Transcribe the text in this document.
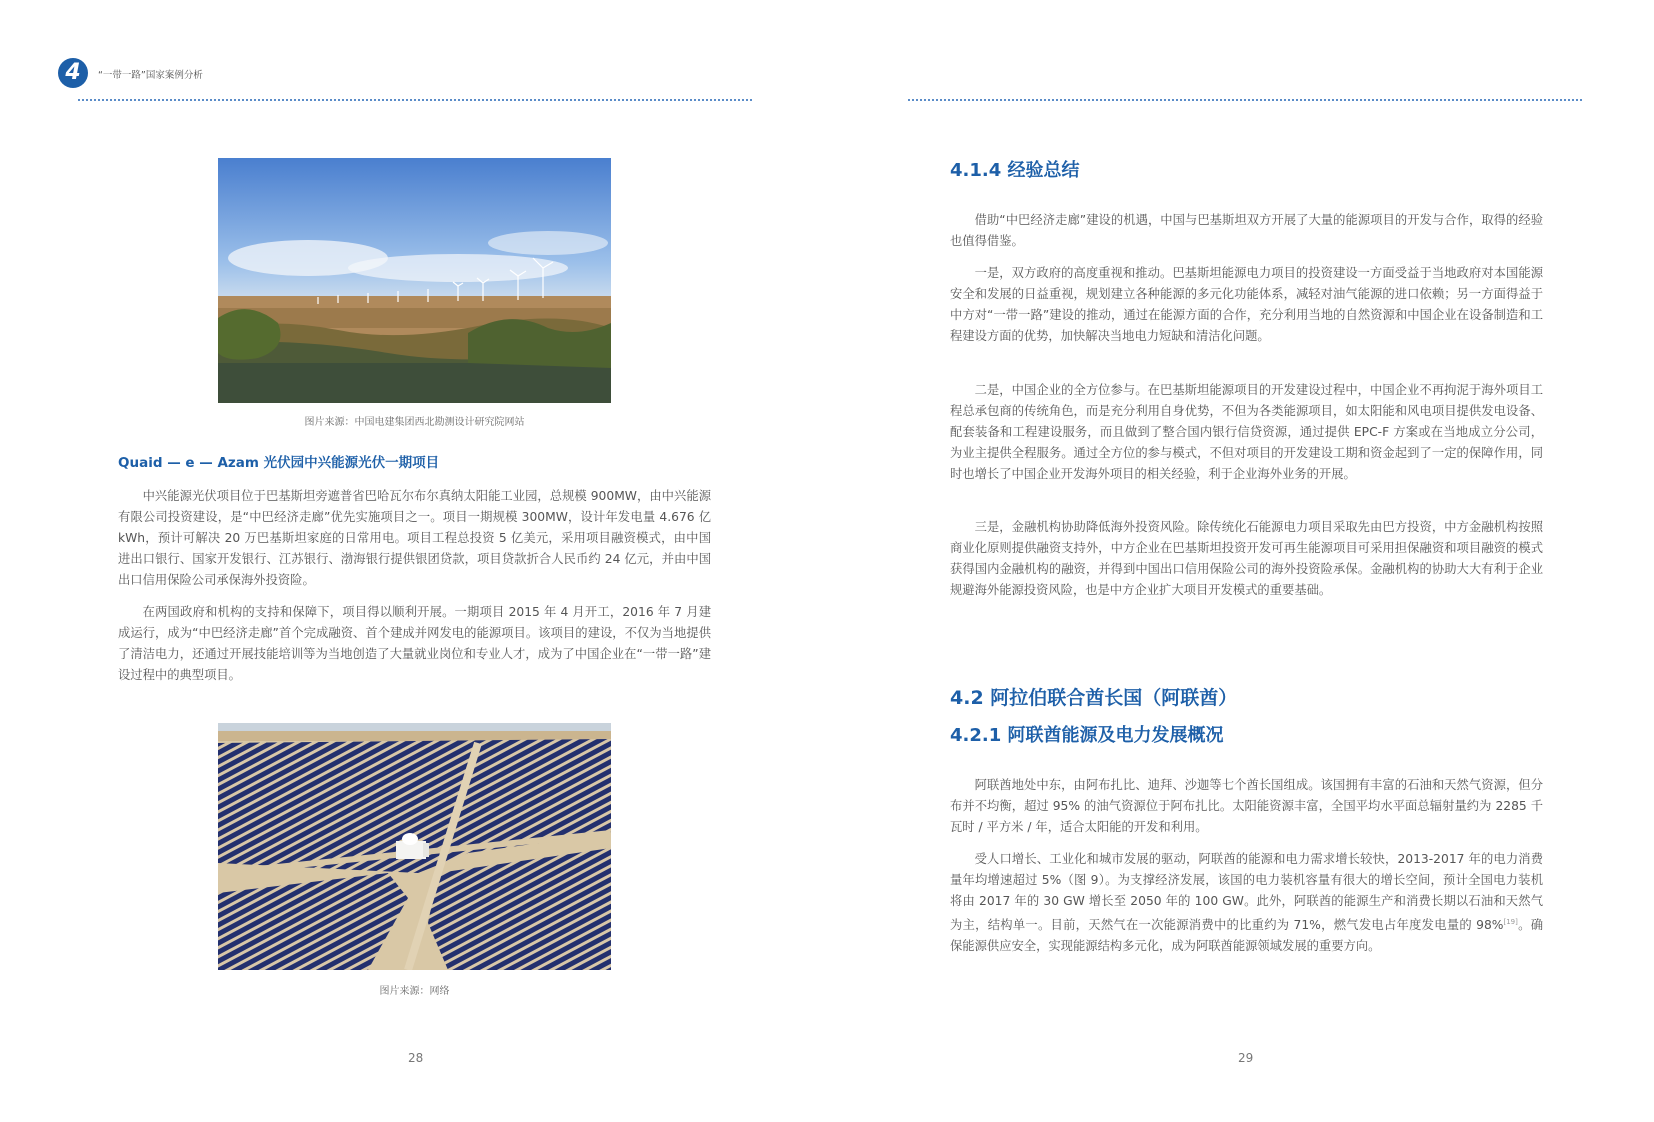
4	“一带一路”国家案例分析
图片来源：中国电建集团西北勘测设计研究院网站
Quaid — e — Azam 光伏园中兴能源光伏一期项目

中兴能源光伏项目位于巴基斯坦旁遮普省巴哈瓦尔布尔真纳太阳能工业园，总规模 900MW，由中兴能源有限公司投资建设，是“中巴经济走廊”优先实施项目之一。项目一期规模 300MW，设计年发电量 4.676 亿 kWh，预计可解决 20 万巴基斯坦家庭的日常用电。项目工程总投资 5 亿美元，采用项目融资模式，由中国进出口银行、国家开发银行、江苏银行、渤海银行提供银团贷款，项目贷款折合人民币约 24 亿元，并由中国出口信用保险公司承保海外投资险。

在两国政府和机构的支持和保障下，项目得以顺利开展。一期项目 2015 年 4 月开工，2016 年 7 月建成运行，成为“中巴经济走廊”首个完成融资、首个建成并网发电的能源项目。该项目的建设，不仅为当地提供了清洁电力，还通过开展技能培训等为当地创造了大量就业岗位和专业人才，成为了中国企业在“一带一路”建设过程中的典型项目。

图片来源：网络
28
4.1.4 经验总结

借助“中巴经济走廊”建设的机遇，中国与巴基斯坦双方开展了大量的能源项目的开发与合作，取得的经验也值得借鉴。

一是，双方政府的高度重视和推动。巴基斯坦能源电力项目的投资建设一方面受益于当地政府对本国能源安全和发展的日益重视，规划建立各种能源的多元化功能体系，减轻对油气能源的进口依赖；另一方面得益于中方对“一带一路”建设的推动，通过在能源方面的合作，充分利用当地的自然资源和中国企业在设备制造和工程建设方面的优势，加快解决当地电力短缺和清洁化问题。

二是，中国企业的全方位参与。在巴基斯坦能源项目的开发建设过程中，中国企业不再拘泥于海外项目工程总承包商的传统角色，而是充分利用自身优势，不但为各类能源项目，如太阳能和风电项目提供发电设备、配套装备和工程建设服务，而且做到了整合国内银行信贷资源，通过提供 EPC-F 方案或在当地成立分公司，为业主提供全程服务。通过全方位的参与模式，不但对项目的开发建设工期和资金起到了一定的保障作用，同时也增长了中国企业开发海外项目的相关经验，利于企业海外业务的开展。

三是，金融机构协助降低海外投资风险。除传统化石能源电力项目采取先由巴方投资，中方金融机构按照商业化原则提供融资支持外，中方企业在巴基斯坦投资开发可再生能源项目可采用担保融资和项目融资的模式获得国内金融机构的融资，并得到中国出口信用保险公司的海外投资险承保。金融机构的协助大大有利于企业规避海外能源投资风险，也是中方企业扩大项目开发模式的重要基础。

4.2 阿拉伯联合酋长国（阿联酋）
4.2.1 阿联酋能源及电力发展概况

阿联酋地处中东，由阿布扎比、迪拜、沙迦等七个酋长国组成。该国拥有丰富的石油和天然气资源，但分布并不均衡，超过 95% 的油气资源位于阿布扎比。太阳能资源丰富，全国平均水平面总辐射量约为 2285 千瓦时 / 平方米 / 年，适合太阳能的开发和利用。

受人口增长、工业化和城市发展的驱动，阿联酋的能源和电力需求增长较快，2013-2017 年的电力消费量年均增速超过 5%（图 9）。为支撑经济发展，该国的电力装机容量有很大的增长空间，预计全国电力装机将由 2017 年的 30 GW 增长至 2050 年的 100 GW。此外，阿联酋的能源生产和消费长期以石油和天然气为主，结构单一。目前，天然气在一次能源消费中的比重约为 71%，燃气发电占年度发电量的 98%[19]。确保能源供应安全，实现能源结构多元化，成为阿联酋能源领域发展的重要方向。

29
